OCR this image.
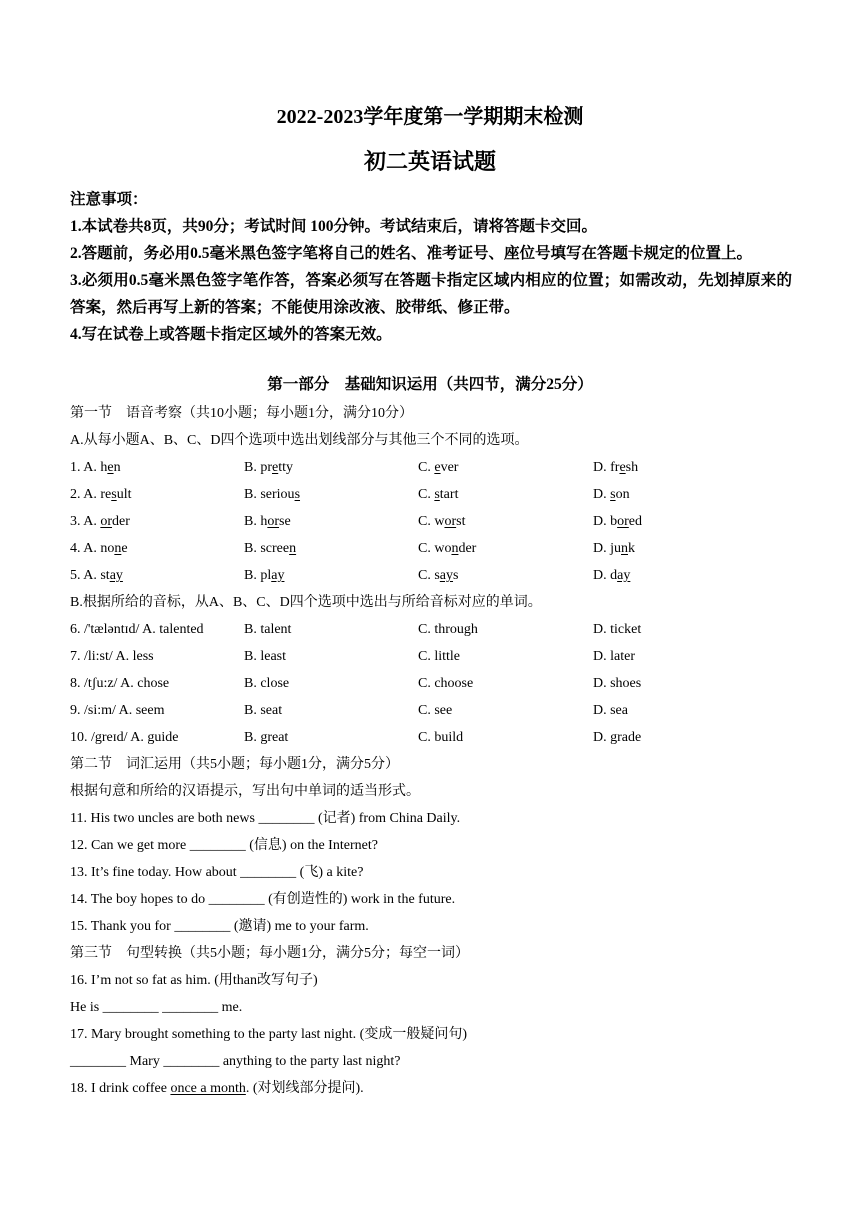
2022-2023学年度第一学期期末检测
初二英语试题
注意事项：
1.本试卷共8页，共90分；考试时间 100分钟。考试结束后，请将答题卡交回。
2.答题前，务必用0.5毫米黑色签字笔将自己的姓名、准考证号、座位号填写在答题卡规定的位置上。
3.必须用0.5毫米黑色签字笔作答，答案必须写在答题卡指定区域内相应的位置；如需改动，先划掉原来的答案，然后再写上新的答案；不能使用涂改液、胶带纸、修正带。
4.写在试卷上或答题卡指定区域外的答案无效。
第一部分　基础知识运用（共四节，满分25分）
第一节　语音考察（共10小题；每小题1分，满分10分）
A.从每小题A、B、C、D四个选项中选出划线部分与其他三个不同的选项。
1. A. hen	B. pretty	C. ever	D. fresh
2. A. result	B. serious	C. start	D. son
3. A. order	B. horse	C. worst	D. bored
4. A. none	B. screen	C. wonder	D. junk
5. A. stay	B. play	C. says	D. day
B.根据所给的音标，从A、B、C、D四个选项中选出与所给音标对应的单词。
6. /'tæləntɪd/ A. talented	B. talent	C. through	D. ticket
7. /li:st/ A. less	B. least	C. little	D. later
8. /tʃu:z/ A. chose	B. close	C. choose	D. shoes
9. /si:m/ A. seem	B. seat	C. see	D. sea
10. /greɪd/ A. guide	B. great	C. build	D. grade
第二节　词汇运用（共5小题；每小题1分，满分5分）
根据句意和所给的汉语提示，写出句中单词的适当形式。
11. His two uncles are both news ________ (记者) from China Daily.
12. Can we get more ________ (信息) on the Internet?
13. It’s fine today. How about ________ (飞) a kite?
14. The boy hopes to do ________ (有创造性的) work in the future.
15. Thank you for ________ (邀请) me to your farm.
第三节　句型转换（共5小题；每小题1分，满分5分；每空一词）
16. I’m not so fat as him. (用than改写句子)
He is ________ ________ me.
17. Mary brought something to the party last night. (变成一般疑问句)
________ Mary ________ anything to the party last night?
18. I drink coffee once a month. (对划线部分提问).
